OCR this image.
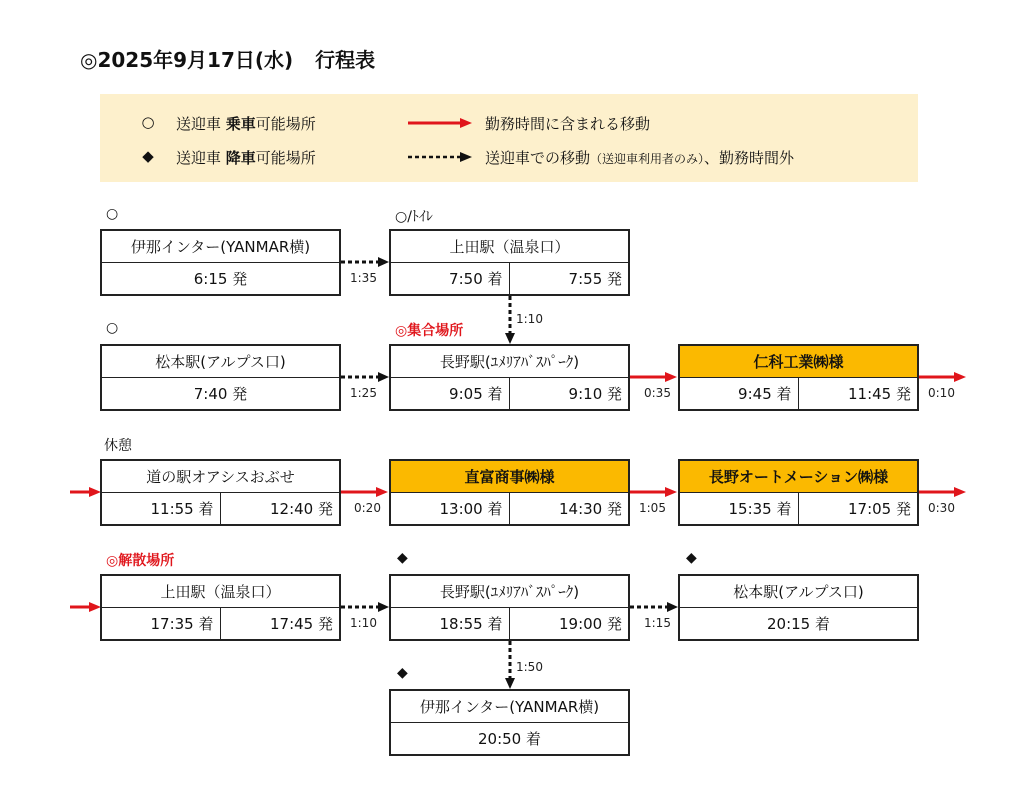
◎2025年9月17日(水) 行程表
○ 送迎車 乗車可能場所
◆ 送迎車 降車可能場所
勤務時間に含まれる移動
送迎車での移動（送迎車利用者のみ）、勤務時間外
○	○/ﾄｲﾚ
伊那インター(YANMAR横)
6:15 発	1:35
上田駅（温泉口）
7:50 着	7:55 発
1:10
○	◎集合場所
松本駅(アルプス口)
7:40 発	1:25
長野駅(ﾕﾒﾘｱﾊﾞｽﾊﾟｰｸ)
9:05 着	9:10 発	0:35
仁科工業㈱様
9:45 着	11:45 発	0:10
休憩
道の駅オアシスおぶせ
11:55 着	12:40 発	0:20
直富商事㈱様
13:00 着	14:30 発	1:05
長野オートメーション㈱様
15:35 着	17:05 発	0:30
◎解散場所	◆	◆
上田駅（温泉口）
17:35 着	17:45 発	1:10
長野駅(ﾕﾒﾘｱﾊﾞｽﾊﾟｰｸ)
18:55 着	19:00 発	1:15
松本駅(アルプス口)
20:15 着
1:50
◆
伊那インター(YANMAR横)
20:50 着
